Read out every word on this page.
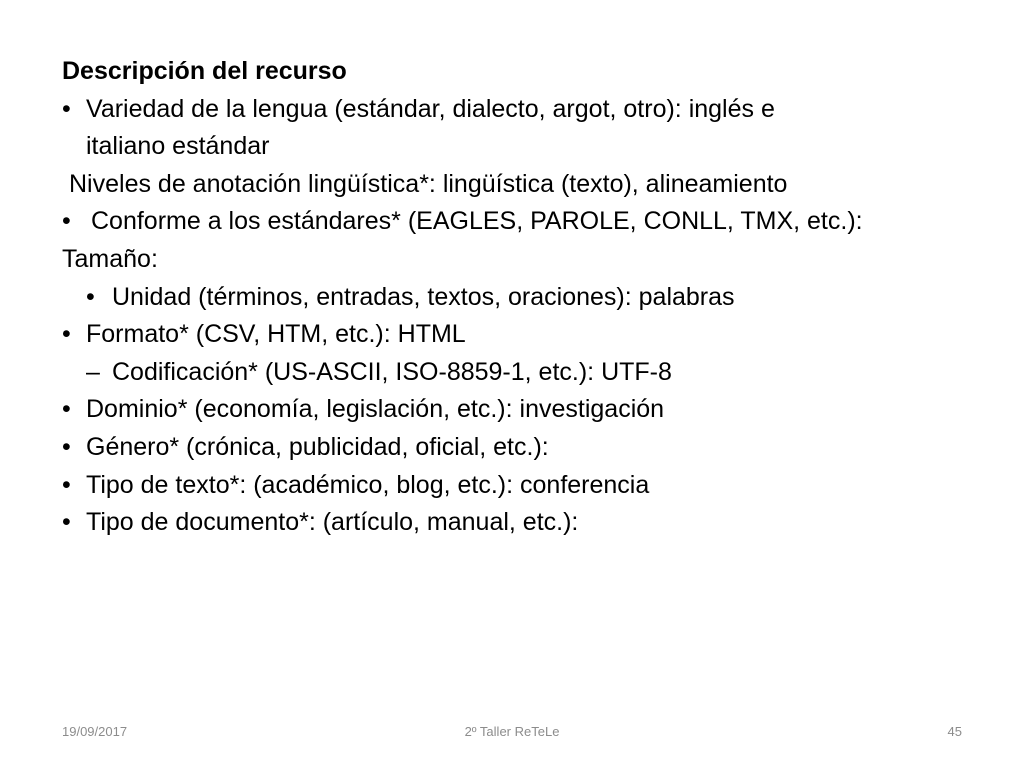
Descripción del recurso
• Variedad de la lengua (estándar, dialecto, argot, otro): inglés e
italiano estándar
Niveles de anotación lingüística*: lingüística (texto), alineamiento
• Conforme a los estándares* (EAGLES, PAROLE, CONLL, TMX, etc.):
Tamaño:
• Unidad (términos, entradas, textos, oraciones): palabras
• Formato* (CSV, HTM, etc.): HTML
– Codificación* (US-ASCII, ISO-8859-1, etc.): UTF-8
• Dominio* (economía, legislación, etc.): investigación
• Género* (crónica, publicidad, oficial, etc.):
• Tipo de texto*: (académico, blog, etc.): conferencia
• Tipo de documento*: (artículo, manual, etc.):
19/09/2017	2º Taller ReTeLe	45
